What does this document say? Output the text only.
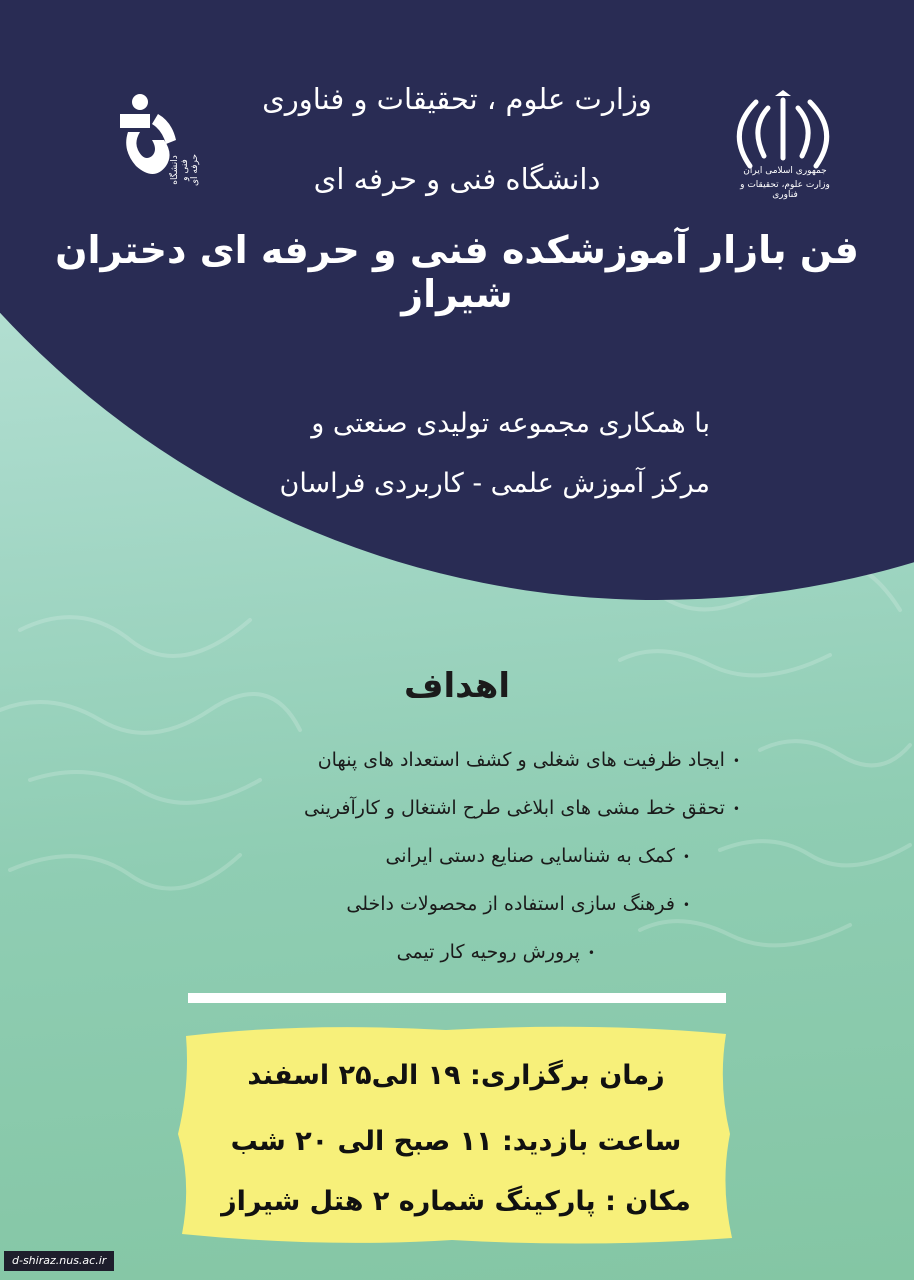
دانشگاه فنی و حرفه ای	جمهوری اسلامی ایران
وزارت علوم، تحقیقات و فناوری
وزارت علوم ، تحقیقات و فناوری
دانشگاه فنی و حرفه ای
فن بازار آموزشکده فنی و حرفه ای دختران شیراز
با همکاری مجموعه تولیدی صنعتی و
مرکز آموزش علمی - کاربردی فراسان
اهداف
•ایجاد ظرفیت های شغلی و کشف استعداد های پنهان
•تحقق خط مشی های ابلاغی طرح اشتغال و کارآفرینی
•کمک به شناسایی صنایع دستی ایرانی
•فرهنگ سازی استفاده از محصولات داخلی
•پرورش روحیه کار تیمی
زمان برگزاری: ۱۹ الی۲۵ اسفند
ساعت بازدید: ۱۱ صبح الی ۲۰ شب
مکان : پارکینگ شماره ۲ هتل شیراز
d-shiraz.nus.ac.ir
